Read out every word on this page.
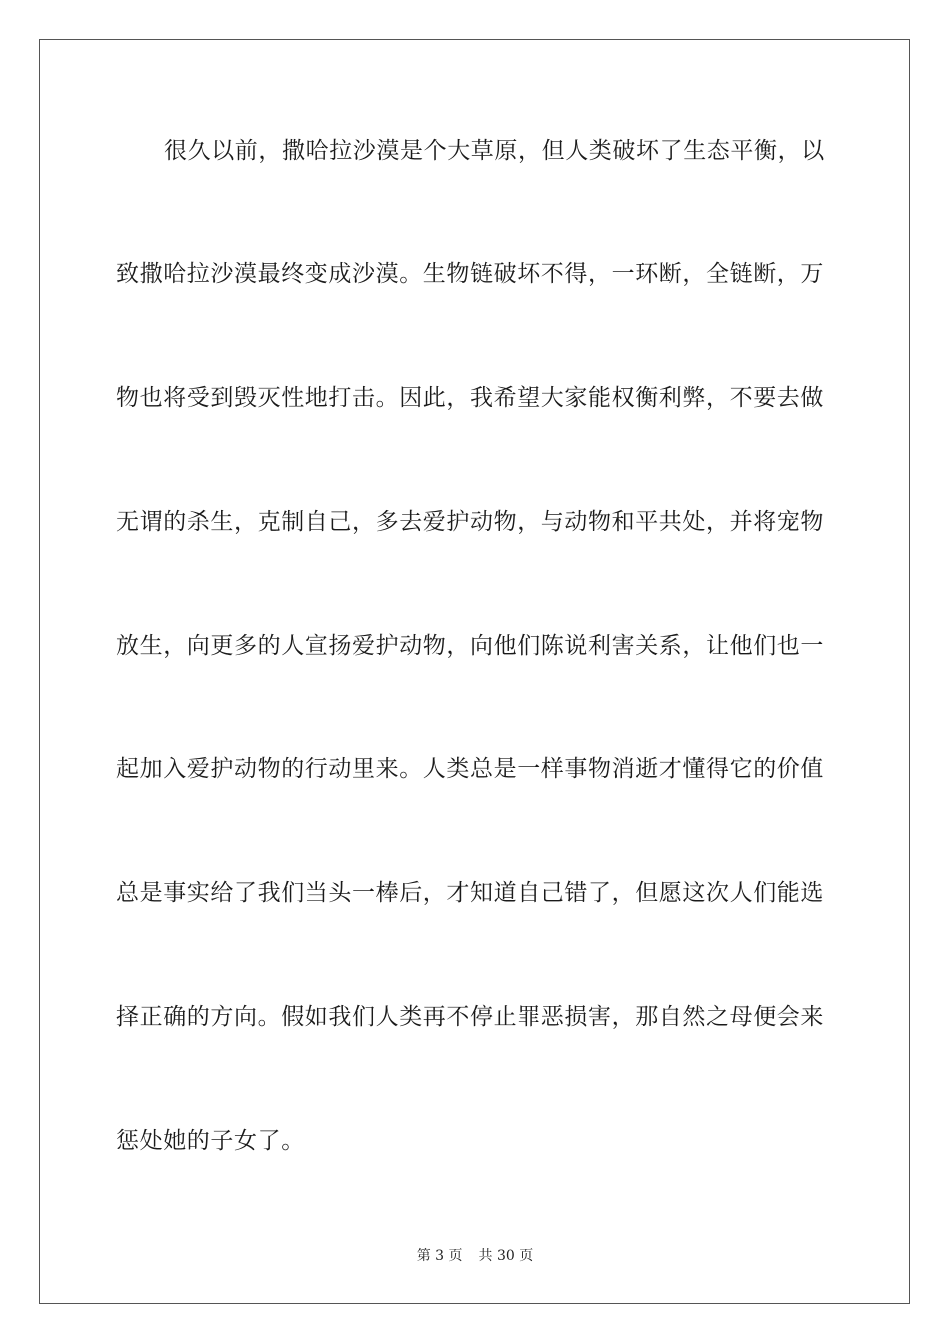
很久以前，撒哈拉沙漠是个大草原，但人类破坏了生态平衡，以
致撒哈拉沙漠最终变成沙漠。生物链破坏不得，一环断，全链断，万
物也将受到毁灭性地打击。因此，我希望大家能权衡利弊，不要去做
无谓的杀生，克制自己，多去爱护动物，与动物和平共处，并将宠物
放生，向更多的人宣扬爱护动物，向他们陈说利害关系，让他们也一
起加入爱护动物的行动里来。人类总是一样事物消逝才懂得它的价值
总是事实给了我们当头一棒后，才知道自己错了，但愿这次人们能选
择正确的方向。假如我们人类再不停止罪恶损害，那自然之母便会来
惩处她的子女了。
第 3 页 共 30 页
